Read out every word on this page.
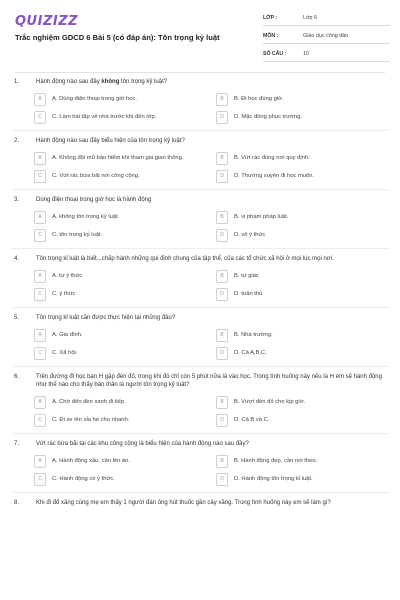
QUIZIZZ
Trắc nghiệm GDCD 6 Bài 5 (có đáp án): Tôn trọng kỷ luật
LỚP :	Lớp 6
MÔN :	Giáo dục công dân
SỐ CÂU :	10
1.	Hành động nào sau đây không tôn trọng kỷ luật?
A	A. Dùng điện thoại trong giờ học.	B	B. Đi học đúng giờ.
C	C. Làm bài tập về nhà trước khi đến lớp.	D	D. Mặc đồng phục trường.
2.	Hành động nào sau đây biểu hiện của tôn trọng kỷ luật?
A	A. Không đội mũ bảo hiểm khi tham gia giao thông.	B	B. Vứt rác đúng nơi quy định.
C	C. Vứt rác bừa bãi nơi công cộng.	D	D. Thường xuyên đi học muộn.
3.	Dùng điện thoại trong giờ học là hành động
A	A. không tôn trọng kỷ luật.	B	B. vi phạm pháp luật.
C	C. tôn trọng kỷ luật.	D	D. vô ý thức.
4.	Tôn trọng kỉ luật là biết...chấp hành những qui định chung của tập thể, của các tổ chức xã hội ở mọi lúc mọi nơi.
A	A. tự ý thức	B	B. tự giác
C	C. ý thức	D	D. tuân thủ
5.	Tôn trọng kỉ luật cần được thực hiện tại những đâu?
A	A. Gia đình.	B	B. Nhà trường.
C	C. Xã hội.	D	D. Cả A,B,C.
6.	Trên đường đi học bạn H gặp đèn đỏ, trong khi đó chỉ còn 5 phút nữa là vào học. Trong tình huống này nếu là H em sẽ hành động như thế nào cho thấy bản thân là người tôn trọng kỷ luật?
A	A. Chờ đến đèn xanh đi tiếp.	B	B. Vượt đèn đỏ cho kịp giờ.
C	C. Đi xe lên vỉa hè cho nhanh.	D	D. Cả B và C.
7.	Vứt rác bừa bãi tại các khu công cộng là biểu hiện của hành động nào sau đây?
A	A. Hành động xấu, cần lên án.	B	B. Hành động đẹp, cần noi theo.
C	C. Hành động có ý thức.	D	D. Hành động tôn trọng kỉ luật.
8.	Khi đi đổ xăng cùng mẹ em thấy 1 người đàn ông hút thuốc gần cây xăng. Trong tình huống này em sẽ làm gì?
